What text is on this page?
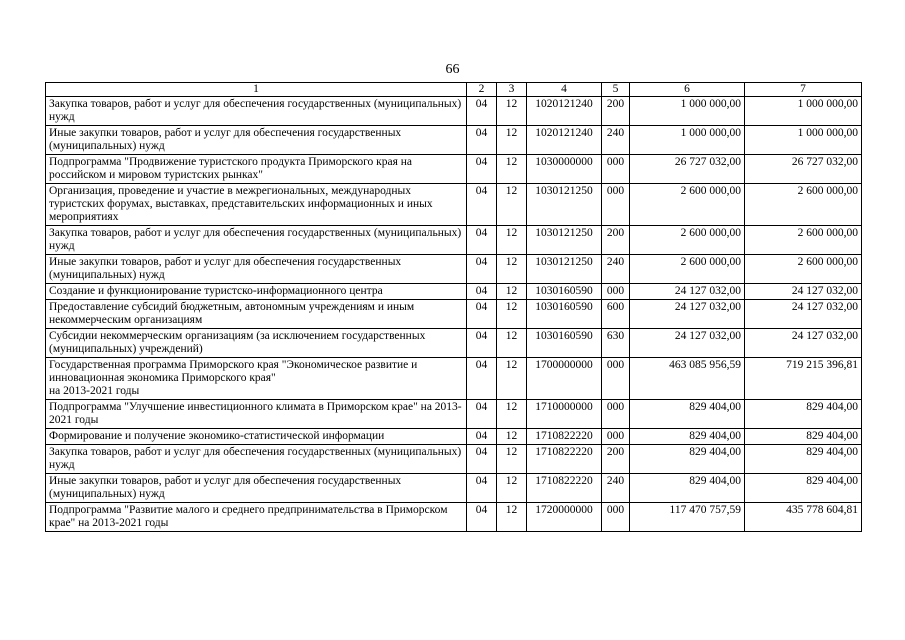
66
1	2	3	4	5	6	7
Закупка товаров, работ и услуг для обеспечения государственных (муниципальных) нужд	04	12	1020121240	200	1 000 000,00	1 000 000,00
Иные закупки товаров, работ и услуг для обеспечения государственных (муниципальных) нужд	04	12	1020121240	240	1 000 000,00	1 000 000,00
Подпрограмма "Продвижение туристского продукта Приморского края на российском и мировом туристских рынках"	04	12	1030000000	000	26 727 032,00	26 727 032,00
Организация, проведение и участие в межрегиональных, международных туристских форумах, выставках, представительских информационных и иных мероприятиях	04	12	1030121250	000	2 600 000,00	2 600 000,00
Закупка товаров, работ и услуг для обеспечения государственных (муниципальных) нужд	04	12	1030121250	200	2 600 000,00	2 600 000,00
Иные закупки товаров, работ и услуг для обеспечения государственных (муниципальных) нужд	04	12	1030121250	240	2 600 000,00	2 600 000,00
Создание и функционирование туристско-информационного центра	04	12	1030160590	000	24 127 032,00	24 127 032,00
Предоставление субсидий бюджетным, автономным учреждениям и иным некоммерческим организациям	04	12	1030160590	600	24 127 032,00	24 127 032,00
Субсидии некоммерческим организациям (за исключением государственных (муниципальных) учреждений)	04	12	1030160590	630	24 127 032,00	24 127 032,00
Государственная программа Приморского края "Экономическое развитие и инновационная экономика Приморского края"
на 2013-2021 годы	04	12	1700000000	000	463 085 956,59	719 215 396,81
Подпрограмма "Улучшение инвестиционного климата в Приморском крае" на 2013-2021 годы	04	12	1710000000	000	829 404,00	829 404,00
Формирование и получение экономико-статистической информации	04	12	1710822220	000	829 404,00	829 404,00
Закупка товаров, работ и услуг для обеспечения государственных (муниципальных) нужд	04	12	1710822220	200	829 404,00	829 404,00
Иные закупки товаров, работ и услуг для обеспечения государственных (муниципальных) нужд	04	12	1710822220	240	829 404,00	829 404,00
Подпрограмма "Развитие малого и среднего предпринимательства в Приморском крае" на 2013-2021 годы	04	12	1720000000	000	117 470 757,59	435 778 604,81
